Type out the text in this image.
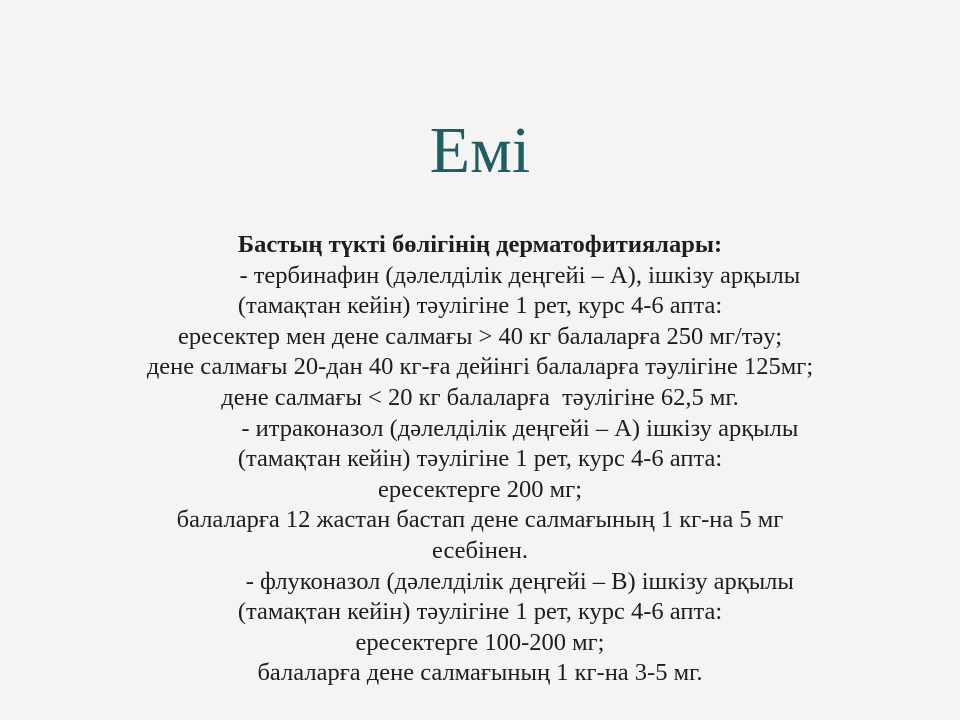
Емі
Бастың түкті бөлігінің дерматофитиялары:
- тербинафин (дәлелділік деңгейі – А), ішкізу арқылы
(тамақтан кейін) тәулігіне 1 рет, курс 4-6 апта:
ересектер мен дене салмағы > 40 кг балаларға 250 мг/тәу;
дене салмағы 20-дан 40 кг-ға дейінгі балаларға тәулігіне 125мг;
дене салмағы < 20 кг балаларға  тәулігіне 62,5 мг.
- итраконазол (дәлелділік деңгейі – А) ішкізу арқылы
(тамақтан кейін) тәулігіне 1 рет, курс 4-6 апта:
ересектерге 200 мг;
балаларға 12 жастан бастап дене салмағының 1 кг-на 5 мг
есебінен.
- флуконазол (дәлелділік деңгейі – В) ішкізу арқылы
(тамақтан кейін) тәулігіне 1 рет, курс 4-6 апта:
ересектерге 100-200 мг;
балаларға дене салмағының 1 кг-на 3-5 мг.
